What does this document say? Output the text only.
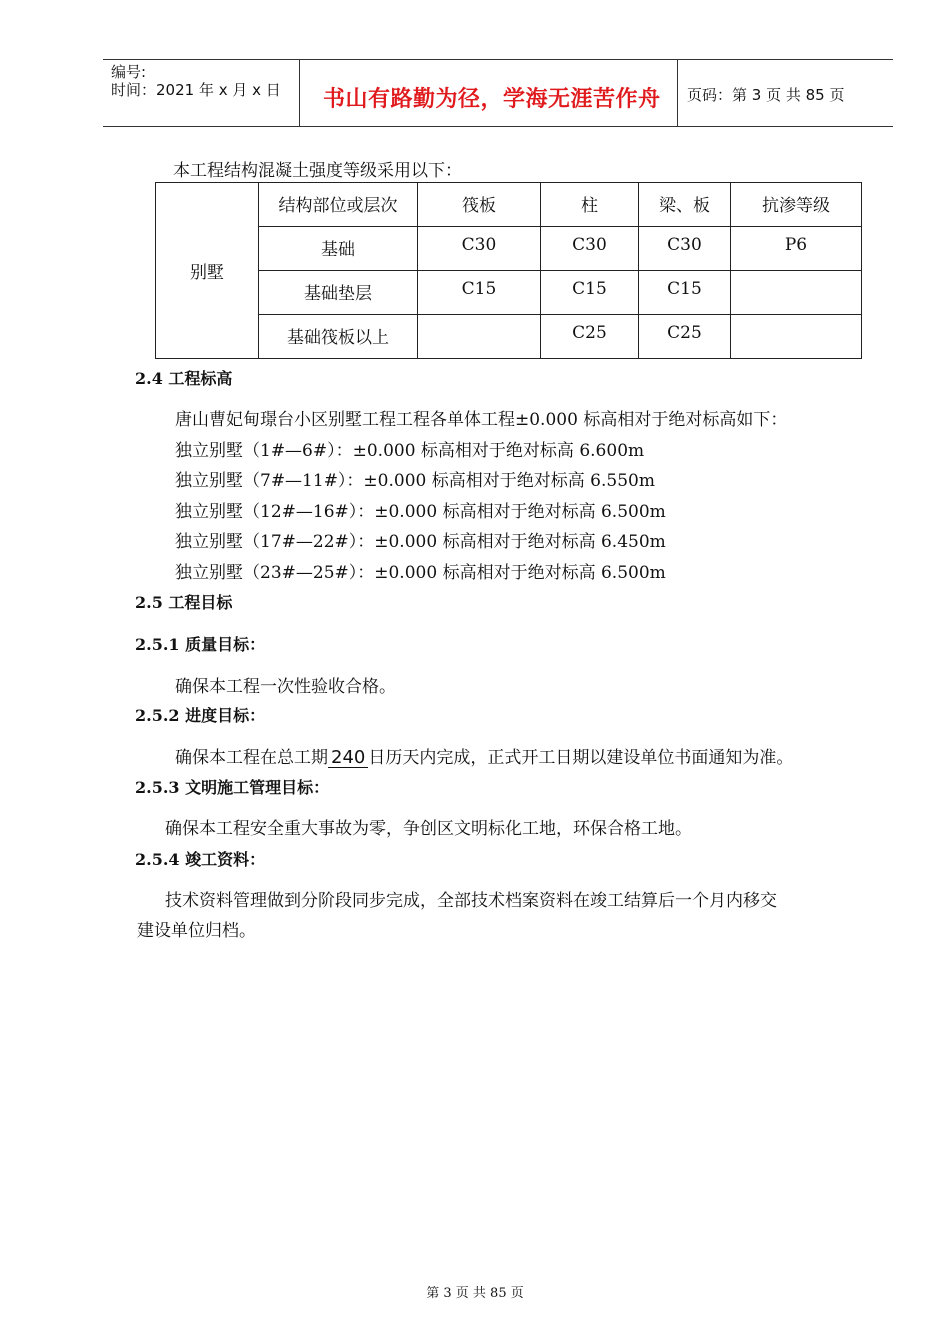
编号:
时间：2021 年 x 月 x 日 书山有路勤为径，学海无涯苦作舟 页码：第 3 页 共 85 页
本工程结构混凝土强度等级采用以下：
别墅	结构部位或层次	筏板	柱	梁、板	抗渗等级
	基础	C30	C30	C30	P6
	基础垫层	C15	C15	C15	
	基础筏板以上		C25	C25	
2.4 工程标高
唐山曹妃甸璟台小区别墅工程工程各单体工程±0.000 标高相对于绝对标高如下：
独立别墅（1#—6#）：±0.000 标高相对于绝对标高 6.600m
独立别墅（7#—11#）：±0.000 标高相对于绝对标高 6.550m
独立别墅（12#—16#）：±0.000 标高相对于绝对标高 6.500m
独立别墅（17#—22#）：±0.000 标高相对于绝对标高 6.450m
独立别墅（23#—25#）：±0.000 标高相对于绝对标高 6.500m
2.5 工程目标
2.5.1 质量目标：
确保本工程一次性验收合格。
2.5.2 进度目标：
确保本工程在总工期 240 日历天内完成，正式开工日期以建设单位书面通知为准。
2.5.3 文明施工管理目标：
确保本工程安全重大事故为零，争创区文明标化工地，环保合格工地。
2.5.4 竣工资料：
技术资料管理做到分阶段同步完成，全部技术档案资料在竣工结算后一个月内移交
建设单位归档。
第 3 页 共 85 页
